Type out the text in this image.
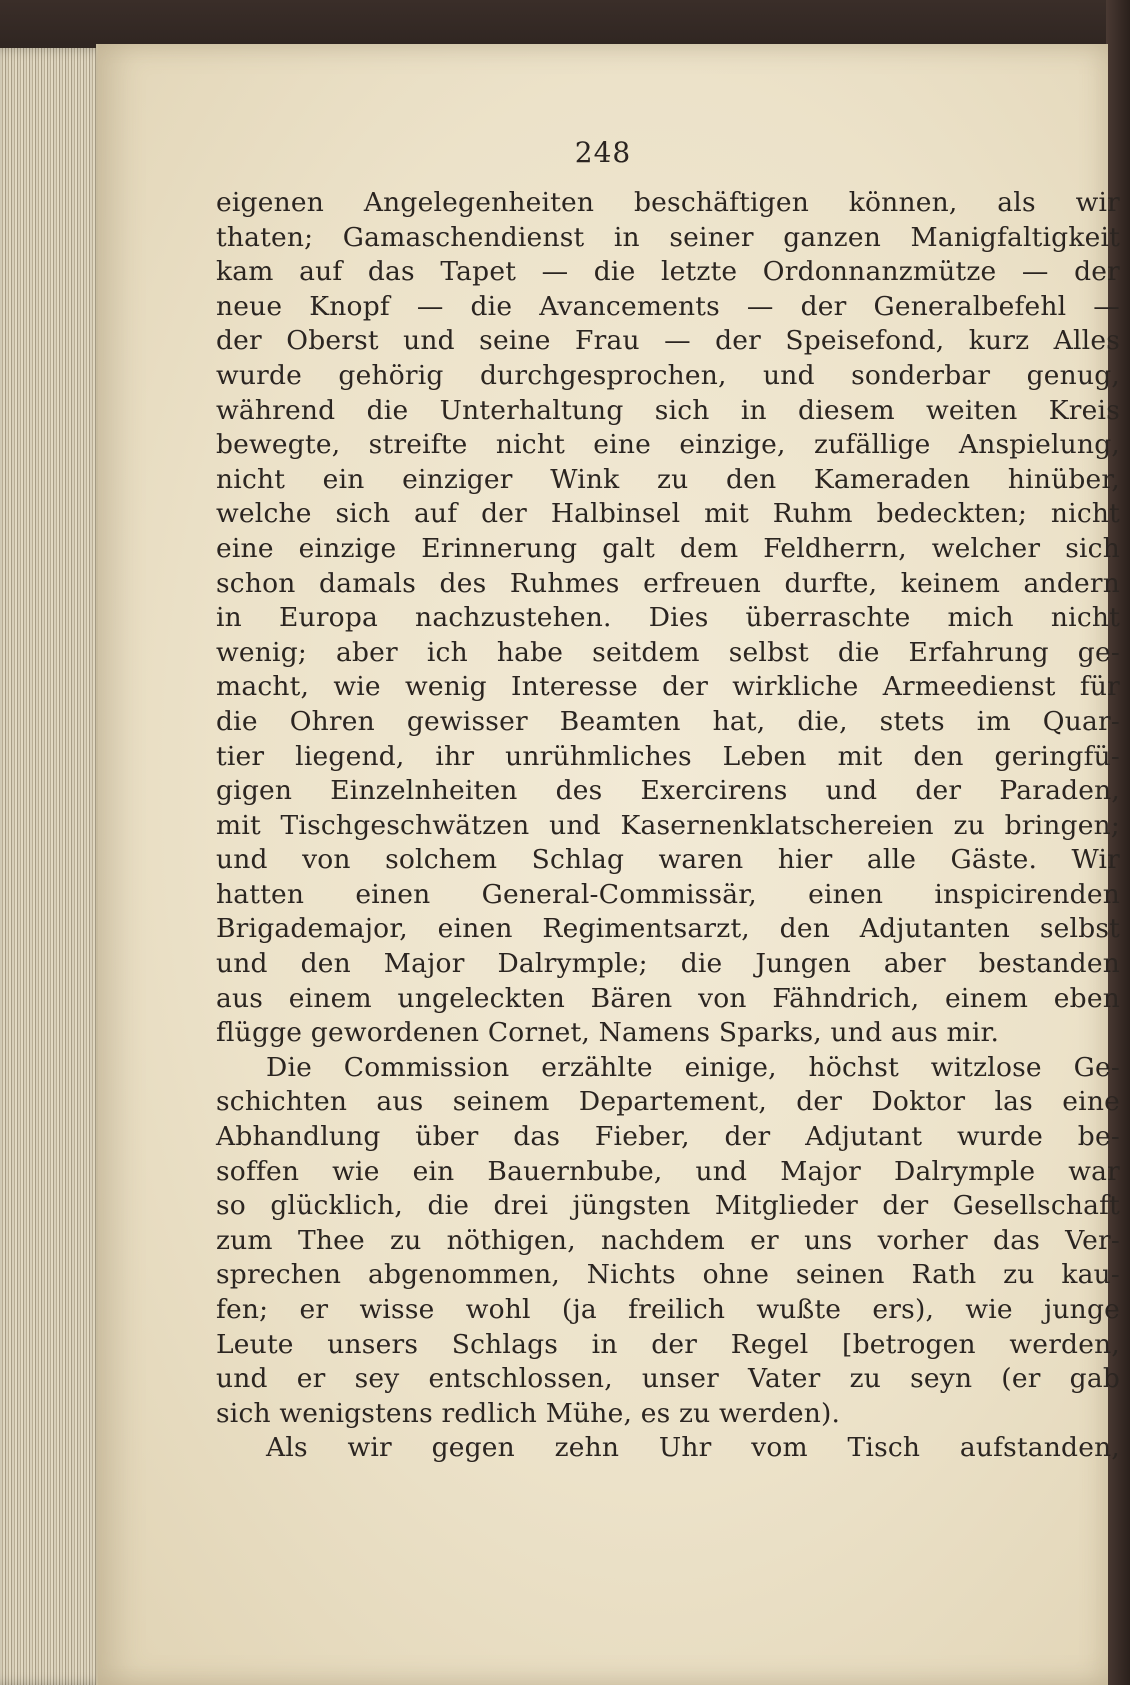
248
eigenen Angelegenheiten beschäftigen können, als wir
thaten; Gamaschendienst in seiner ganzen Manigfaltigkeit
kam auf das Tapet — die letzte Ordonnanzmütze — der
neue Knopf — die Avancements — der Generalbefehl —
der Oberst und seine Frau — der Speisefond, kurz Alles
wurde gehörig durchgesprochen, und sonderbar genug,
während die Unterhaltung sich in diesem weiten Kreis
bewegte, streifte nicht eine einzige, zufällige Anspielung,
nicht ein einziger Wink zu den Kameraden hinüber,
welche sich auf der Halbinsel mit Ruhm bedeckten; nicht
eine einzige Erinnerung galt dem Feldherrn, welcher sich
schon damals des Ruhmes erfreuen durfte, keinem andern
in Europa nachzustehen. Dies überraschte mich nicht
wenig; aber ich habe seitdem selbst die Erfahrung ge-
macht, wie wenig Interesse der wirkliche Armeedienst für
die Ohren gewisser Beamten hat, die, stets im Quar-
tier liegend, ihr unrühmliches Leben mit den geringfü-
gigen Einzelnheiten des Exercirens und der Paraden,
mit Tischgeschwätzen und Kasernenklatschereien zu bringen;
und von solchem Schlag waren hier alle Gäste. Wir
hatten einen General-Commissär, einen inspicirenden
Brigademajor, einen Regimentsarzt, den Adjutanten selbst
und den Major Dalrymple; die Jungen aber bestanden
aus einem ungeleckten Bären von Fähndrich, einem eben
flügge gewordenen Cornet, Namens Sparks, und aus mir.
Die Commission erzählte einige, höchst witzlose Ge-
schichten aus seinem Departement, der Doktor las eine
Abhandlung über das Fieber, der Adjutant wurde be-
soffen wie ein Bauernbube, und Major Dalrymple war
so glücklich, die drei jüngsten Mitglieder der Gesellschaft
zum Thee zu nöthigen, nachdem er uns vorher das Ver-
sprechen abgenommen, Nichts ohne seinen Rath zu kau-
fen; er wisse wohl (ja freilich wußte ers), wie junge
Leute unsers Schlags in der Regel [betrogen werden,
und er sey entschlossen, unser Vater zu seyn (er gab
sich wenigstens redlich Mühe, es zu werden).
Als wir gegen zehn Uhr vom Tisch aufstanden,
